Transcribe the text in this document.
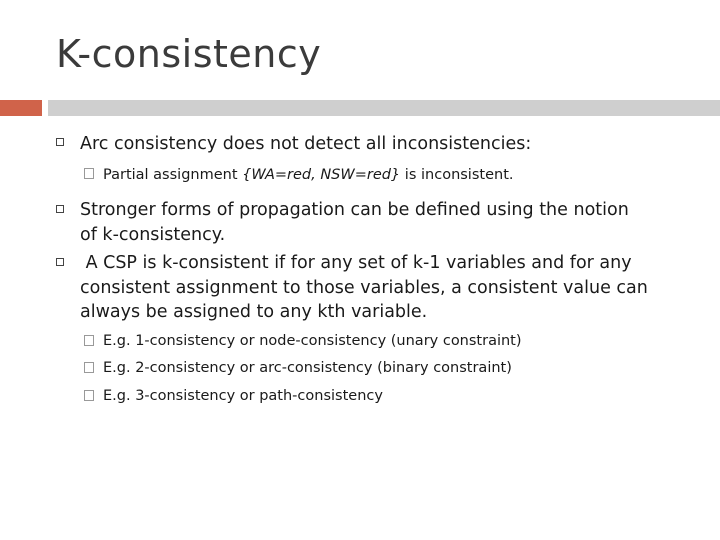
K-consistency
Arc consistency does not detect all inconsistencies:
Partial assignment {WA=red, NSW=red} is inconsistent.
Stronger forms of propagation can be defined using the notion
of k-consistency.
A CSP is k-consistent if for any set of k-1 variables and for any
consistent assignment to those variables, a consistent value can
always be assigned to any kth variable.
E.g. 1-consistency or node-consistency (unary constraint)
E.g. 2-consistency or arc-consistency (binary constraint)
E.g. 3-consistency or path-consistency
